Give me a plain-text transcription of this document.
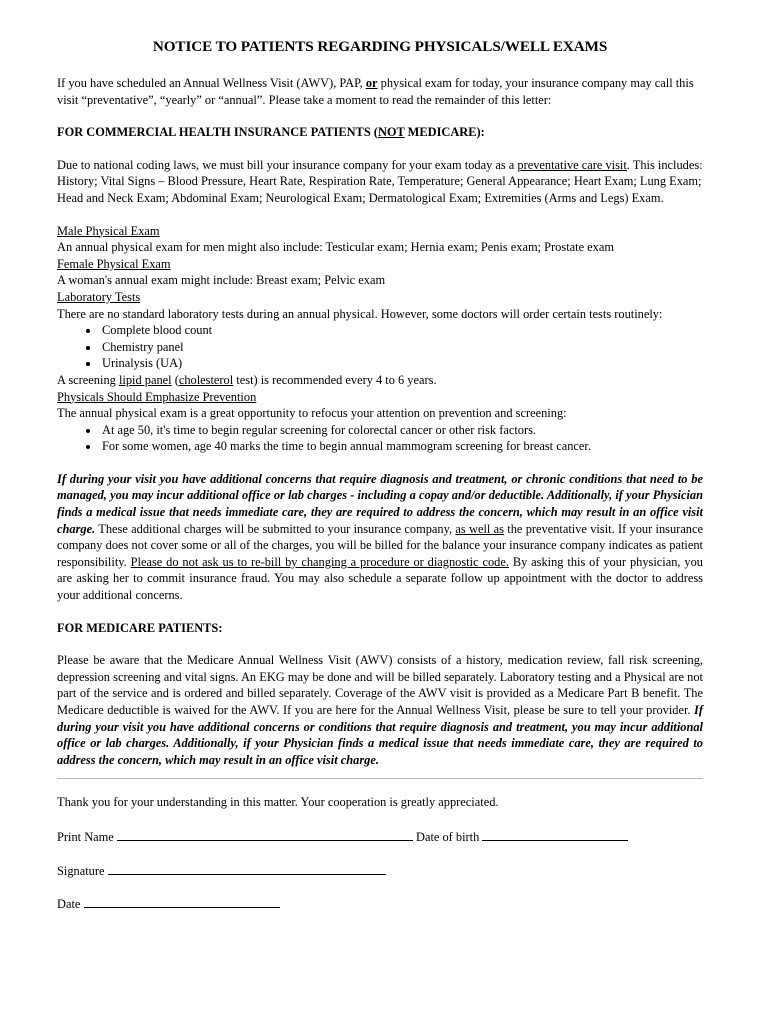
NOTICE TO PATIENTS REGARDING PHYSICALS/WELL EXAMS

If you have scheduled an Annual Wellness Visit (AWV), PAP, or physical exam for today, your insurance company may call this visit “preventative”, “yearly” or “annual”. Please take a moment to read the remainder of this letter:

FOR COMMERCIAL HEALTH INSURANCE PATIENTS (NOT MEDICARE):

Due to national coding laws, we must bill your insurance company for your exam today as a preventative care visit. This includes: History; Vital Signs – Blood Pressure, Heart Rate, Respiration Rate, Temperature; General Appearance; Heart Exam; Lung Exam; Head and Neck Exam; Abdominal Exam; Neurological Exam; Dermatological Exam; Extremities (Arms and Legs) Exam.

Male Physical Exam

An annual physical exam for men might also include: Testicular exam; Hernia exam; Penis exam; Prostate exam

Female Physical Exam

A woman's annual exam might include: Breast exam; Pelvic exam

Laboratory Tests

There are no standard laboratory tests during an annual physical. However, some doctors will order certain tests routinely:

• Complete blood count
• Chemistry panel
• Urinalysis (UA)

A screening lipid panel (cholesterol test) is recommended every 4 to 6 years.

Physicals Should Emphasize Prevention

The annual physical exam is a great opportunity to refocus your attention on prevention and screening:

• At age 50, it's time to begin regular screening for colorectal cancer or other risk factors.
• For some women, age 40 marks the time to begin annual mammogram screening for breast cancer.

If during your visit you have additional concerns that require diagnosis and treatment, or chronic conditions that need to be managed, you may incur additional office or lab charges - including a copay and/or deductible. Additionally, if your Physician finds a medical issue that needs immediate care, they are required to address the concern, which may result in an office visit charge. These additional charges will be submitted to your insurance company, as well as the preventative visit. If your insurance company does not cover some or all of the charges, you will be billed for the balance your insurance company indicates as patient responsibility. Please do not ask us to re-bill by changing a procedure or diagnostic code. By asking this of your physician, you are asking her to commit insurance fraud. You may also schedule a separate follow up appointment with the doctor to address your additional concerns.

FOR MEDICARE PATIENTS:

Please be aware that the Medicare Annual Wellness Visit (AWV) consists of a history, medication review, fall risk screening, depression screening and vital signs. An EKG may be done and will be billed separately. Laboratory testing and a Physical are not part of the service and is ordered and billed separately. Coverage of the AWV visit is provided as a Medicare Part B benefit. The Medicare deductible is waived for the AWV. If you are here for the Annual Wellness Visit, please be sure to tell your provider. If during your visit you have additional concerns or conditions that require diagnosis and treatment, you may incur additional office or lab charges. Additionally, if your Physician finds a medical issue that needs immediate care, they are required to address the concern, which may result in an office visit charge.

Thank you for your understanding in this matter. Your cooperation is greatly appreciated.

Print Name	Date of birth

Signature

Date
